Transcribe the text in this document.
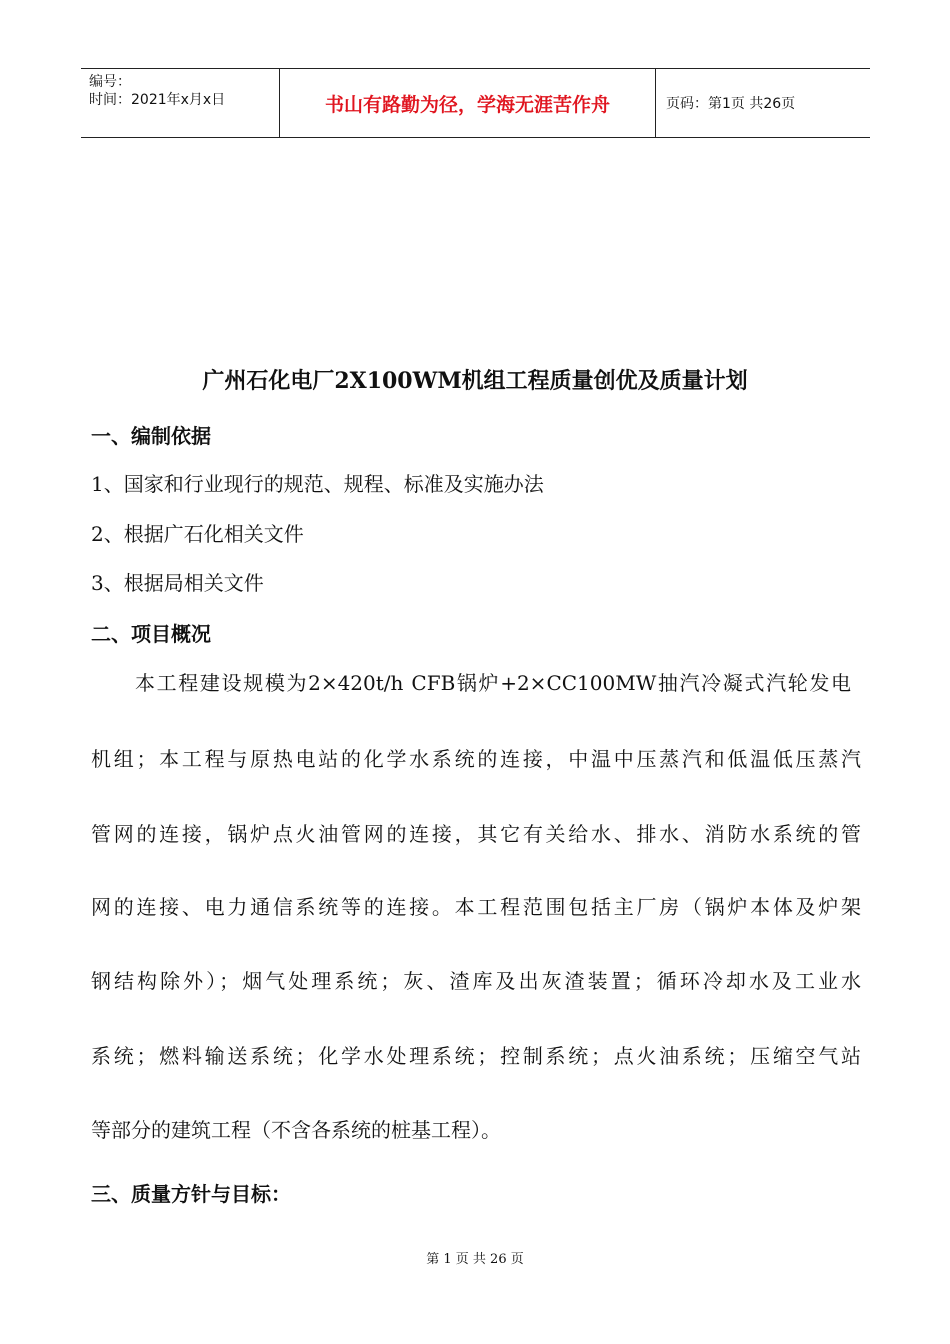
编号：
时间：2021年x月x日	书山有路勤为径，学海无涯苦作舟	页码：第1页 共26页
广州石化电厂2X100WM机组工程质量创优及质量计划
一、编制依据
1、国家和行业现行的规范、规程、标准及实施办法
2、根据广石化相关文件
3、根据局相关文件
二、项目概况
本工程建设规模为2×420t/h CFB锅炉+2×CC100MW抽汽冷凝式汽轮发电
机组；本工程与原热电站的化学水系统的连接，中温中压蒸汽和低温低压蒸汽
管网的连接，锅炉点火油管网的连接，其它有关给水、排水、消防水系统的管
网的连接、电力通信系统等的连接。本工程范围包括主厂房（锅炉本体及炉架
钢结构除外）；烟气处理系统；灰、渣库及出灰渣装置；循环冷却水及工业水
系统；燃料输送系统；化学水处理系统；控制系统；点火油系统；压缩空气站
等部分的建筑工程（不含各系统的桩基工程）。
三、质量方针与目标：
第 1 页 共 26 页
